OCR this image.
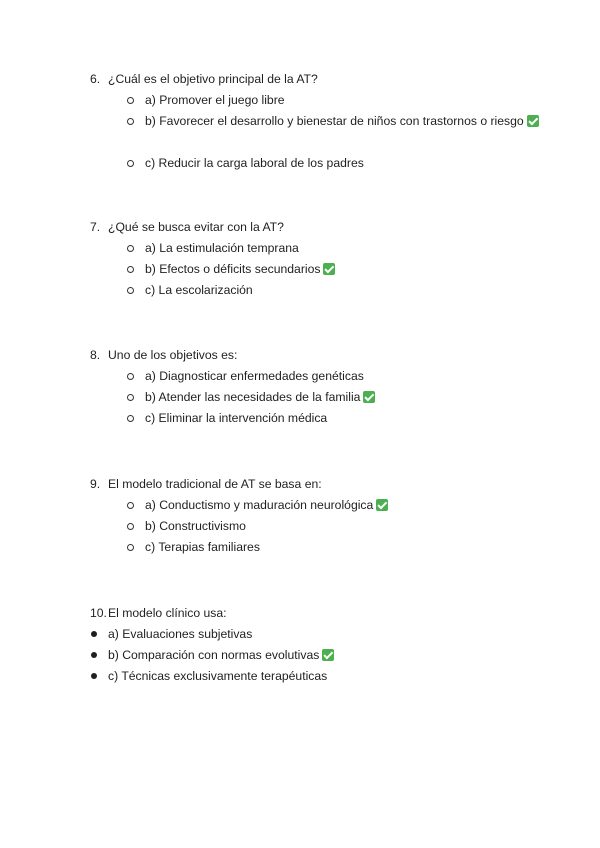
6. ¿Cuál es el objetivo principal de la AT?
a) Promover el juego libre
b) Favorecer el desarrollo y bienestar de niños con trastornos o riesgo
c) Reducir la carga laboral de los padres
7. ¿Qué se busca evitar con la AT?
a) La estimulación temprana
b) Efectos o déficits secundarios
c) La escolarización
8. Uno de los objetivos es:
a) Diagnosticar enfermedades genéticas
b) Atender las necesidades de la familia
c) Eliminar la intervención médica
9. El modelo tradicional de AT se basa en:
a) Conductismo y maduración neurológica
b) Constructivismo
c) Terapias familiares
10. El modelo clínico usa:
a) Evaluaciones subjetivas
b) Comparación con normas evolutivas
c) Técnicas exclusivamente terapéuticas
